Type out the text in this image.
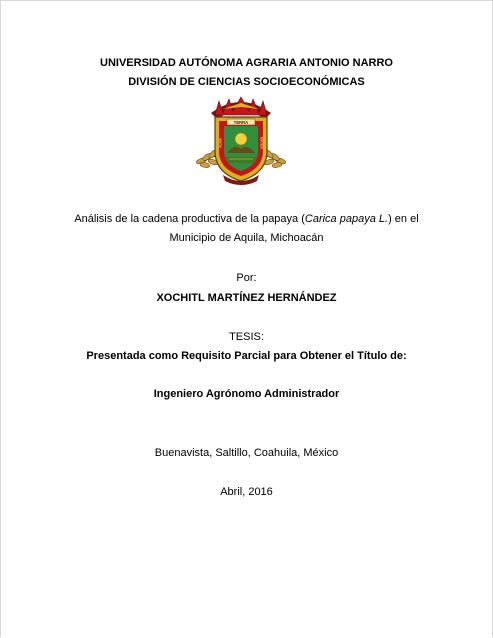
UNIVERSIDAD AUTÓNOMA AGRARIA ANTONIO NARRO
DIVISIÓN DE CIENCIAS SOCIOECONÓMICAS
TERRA
ALMA	MATER
Análisis de la cadena productiva de la papaya (Carica papaya L.) en el
Municipio de Aquila, Michoacán
Por:
XOCHITL MARTÍNEZ HERNÁNDEZ
TESIS:
Presentada como Requisito Parcial para Obtener el Título de:
Ingeniero Agrónomo Administrador
Buenavista, Saltillo, Coahuila, México
Abril, 2016
